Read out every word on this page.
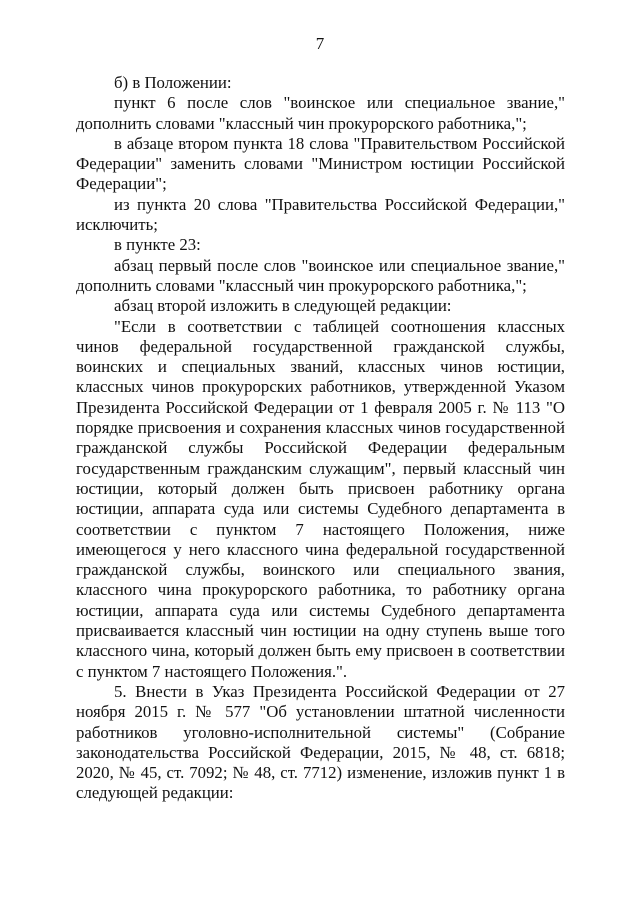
7

б) в Положении:

пункт 6 после слов "воинское или специальное звание," дополнить словами "классный чин прокурорского работника,";

в абзаце втором пункта 18 слова "Правительством Российской Федерации" заменить словами "Министром юстиции Российской Федерации";

из пункта 20 слова "Правительства Российской Федерации," исключить;

в пункте 23:

абзац первый после слов "воинское или специальное звание," дополнить словами "классный чин прокурорского работника,";

абзац второй изложить в следующей редакции:

"Если в соответствии с таблицей соотношения классных чинов федеральной государственной гражданской службы, воинских и специальных званий, классных чинов юстиции, классных чинов прокурорских работников, утвержденной Указом Президента Российской Федерации от 1 февраля 2005 г. № 113 "О порядке присвоения и сохранения классных чинов государственной гражданской службы Российской Федерации федеральным государственным гражданским служащим", первый классный чин юстиции, который должен быть присвоен работнику органа юстиции, аппарата суда или системы Судебного департамента в соответствии с пунктом 7 настоящего Положения, ниже имеющегося у него классного чина федеральной государственной гражданской службы, воинского или специального звания, классного чина прокурорского работника, то работнику органа юстиции, аппарата суда или системы Судебного департамента присваивается классный чин юстиции на одну ступень выше того классного чина, который должен быть ему присвоен в соответствии с пунктом 7 настоящего Положения.".

5. Внести в Указ Президента Российской Федерации от 27 ноября 2015 г. № 577 "Об установлении штатной численности работников уголовно-исполнительной системы" (Собрание законодательства Российской Федерации, 2015, № 48, ст. 6818; 2020, № 45, ст. 7092; № 48, ст. 7712) изменение, изложив пункт 1 в следующей редакции:
